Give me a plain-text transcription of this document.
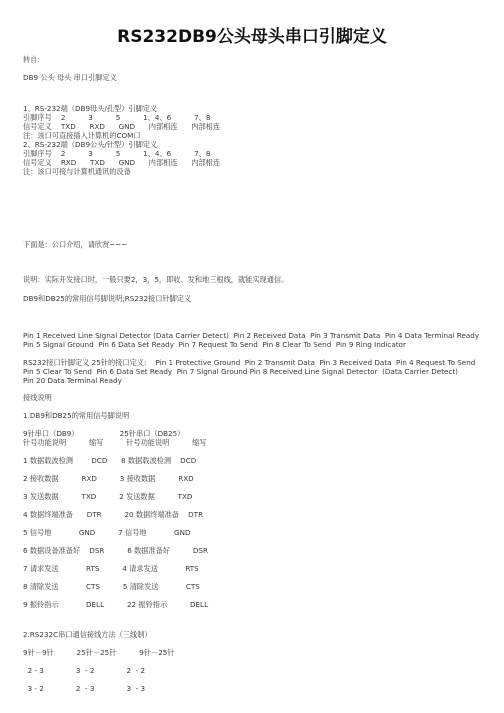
RS232DB9公头母头串口引脚定义
转自:
DB9 公头 母头 串口引脚定义
1、RS-232端（DB9母头/孔型）引脚定义
引脚序号    2          3          5          1、4、6          7、8
信号定义    TXD      RXD      GND      内部相连      内部相连
注：该口可直接插入计算机的COM口
2、RS-232端（DB9公头/针型）引脚定义
引脚序号    2          3          5          1、4、6          7、8
信号定义    RXD      TXD      GND      内部相连      内部相连
注：该口可接与计算机通讯的设备
下面是：公口介绍，请欣赏~~~
说明：实际开发接口时，一般只要2，3，5，即收、发和地三根线，就能实现通信。
DB9和DB25的常用信号脚说明;RS232接口针脚定义
Pin 1 Received Line Signal Detector (Data Carrier Detect)  Pin 2 Received Data  Pin 3 Transmit Data  Pin 4 Data Terminal Ready
Pin 5 Signal Ground  Pin 6 Data Set Ready  Pin 7 Request To Send  Pin 8 Clear To Send  Pin 9 Ring Indicator
RS232接口针脚定义 25针的接口定义:    Pin 1 Protective Ground  Pin 2 Transmit Data  Pin 3 Received Data  Pin 4 Request To Send
Pin 5 Clear To Send  Pin 6 Data Set Ready  Pin 7 Signal Ground Pin 8 Received Line Signal Detector  (Data Carrier Detect)
Pin 20 Data Terminal Ready
接线说明
1.DB9和DB25的常用信号脚说明
9针串口（DB9）                  25针串口（DB25）
针号功能说明          缩写          针号功能说明          缩写
1 数据载波检测        DCD      8 数据载波检测    DCD
2 接收数据          RXD          3 接收数据          RXD
3 发送数据          TXD          2 发送数据          TXD
4 数据终端准备      DTR          20 数据终端准备    DTR
5 信号地            GND          7 信号地            GND
6 数据设备准备好    DSR          6 数据准备好          DSR
7 请求发送            RTS          4 请求发送            RTS
8 清除发送            CTS          5 清除发送            CTS
9 振铃指示            DELL          22 振铃指示          DELL
2.RS232C串口通信接线方法（三线制）
9针－9针          25针－25针          9针－25针
2 - 3              3  - 2              2  - 2
3 - 2              2  - 3              3  - 3
